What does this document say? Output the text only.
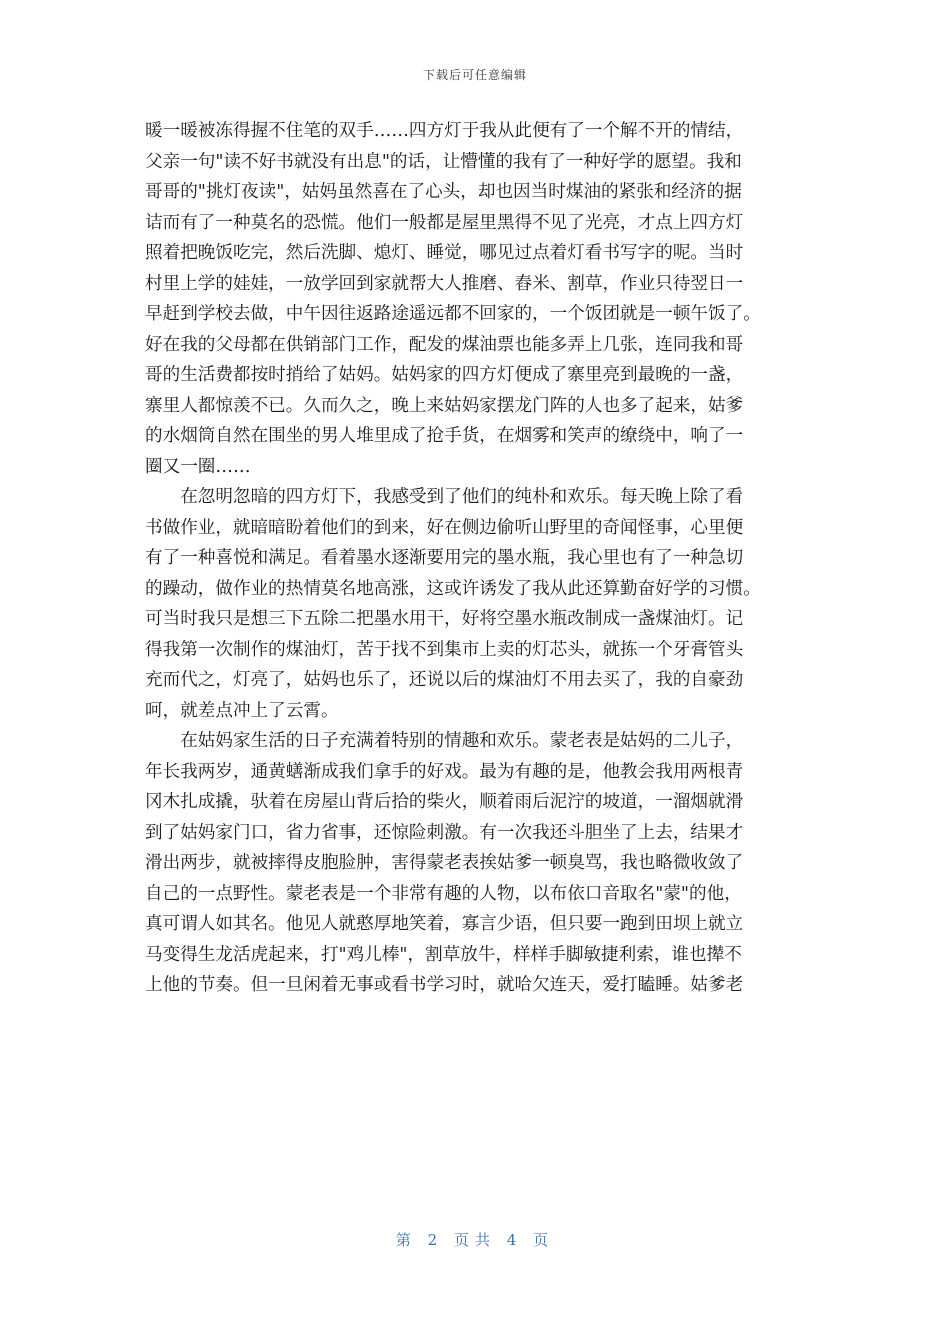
下载后可任意编辑
暖一暖被冻得握不住笔的双手……四方灯于我从此便有了一个解不开的情结，
父亲一句"读不好书就没有出息"的话，让懵懂的我有了一种好学的愿望。我和
哥哥的"挑灯夜读"，姑妈虽然喜在了心头，却也因当时煤油的紧张和经济的据
诘而有了一种莫名的恐慌。他们一般都是屋里黑得不见了光亮，才点上四方灯
照着把晚饭吃完，然后洗脚、熄灯、睡觉，哪见过点着灯看书写字的呢。当时
村里上学的娃娃，一放学回到家就帮大人推磨、舂米、割草，作业只待翌日一
早赶到学校去做，中午因往返路途遥远都不回家的，一个饭团就是一顿午饭了。
好在我的父母都在供销部门工作，配发的煤油票也能多弄上几张，连同我和哥
哥的生活费都按时捎给了姑妈。姑妈家的四方灯便成了寨里亮到最晚的一盏，
寨里人都惊羡不已。久而久之，晚上来姑妈家摆龙门阵的人也多了起来，姑爹
的水烟筒自然在围坐的男人堆里成了抢手货，在烟雾和笑声的缭绕中，响了一
圈又一圈……
　　在忽明忽暗的四方灯下，我感受到了他们的纯朴和欢乐。每天晚上除了看
书做作业，就暗暗盼着他们的到来，好在侧边偷听山野里的奇闻怪事，心里便
有了一种喜悦和满足。看着墨水逐渐要用完的墨水瓶，我心里也有了一种急切
的躁动，做作业的热情莫名地高涨，这或许诱发了我从此还算勤奋好学的习惯。
可当时我只是想三下五除二把墨水用干，好将空墨水瓶改制成一盏煤油灯。记
得我第一次制作的煤油灯，苦于找不到集市上卖的灯芯头，就拣一个牙膏管头
充而代之，灯亮了，姑妈也乐了，还说以后的煤油灯不用去买了，我的自豪劲
呵，就差点冲上了云霄。
　　在姑妈家生活的日子充满着特别的情趣和欢乐。蒙老表是姑妈的二儿子，
年长我两岁，通黄蟮渐成我们拿手的好戏。最为有趣的是，他教会我用两根青
冈木扎成撬，驮着在房屋山背后拾的柴火，顺着雨后泥泞的坡道，一溜烟就滑
到了姑妈家门口，省力省事，还惊险刺激。有一次我还斗胆坐了上去，结果才
滑出两步，就被摔得皮胞脸肿，害得蒙老表挨姑爹一顿臭骂，我也略微收敛了
自己的一点野性。蒙老表是一个非常有趣的人物，以布依口音取名"蒙"的他，
真可谓人如其名。他见人就憨厚地笑着，寡言少语，但只要一跑到田坝上就立
马变得生龙活虎起来，打"鸡儿棒"，割草放牛，样样手脚敏捷利索，谁也撵不
上他的节奏。但一旦闲着无事或看书学习时，就哈欠连天，爱打瞌睡。姑爹老
第 2 页共 4 页
